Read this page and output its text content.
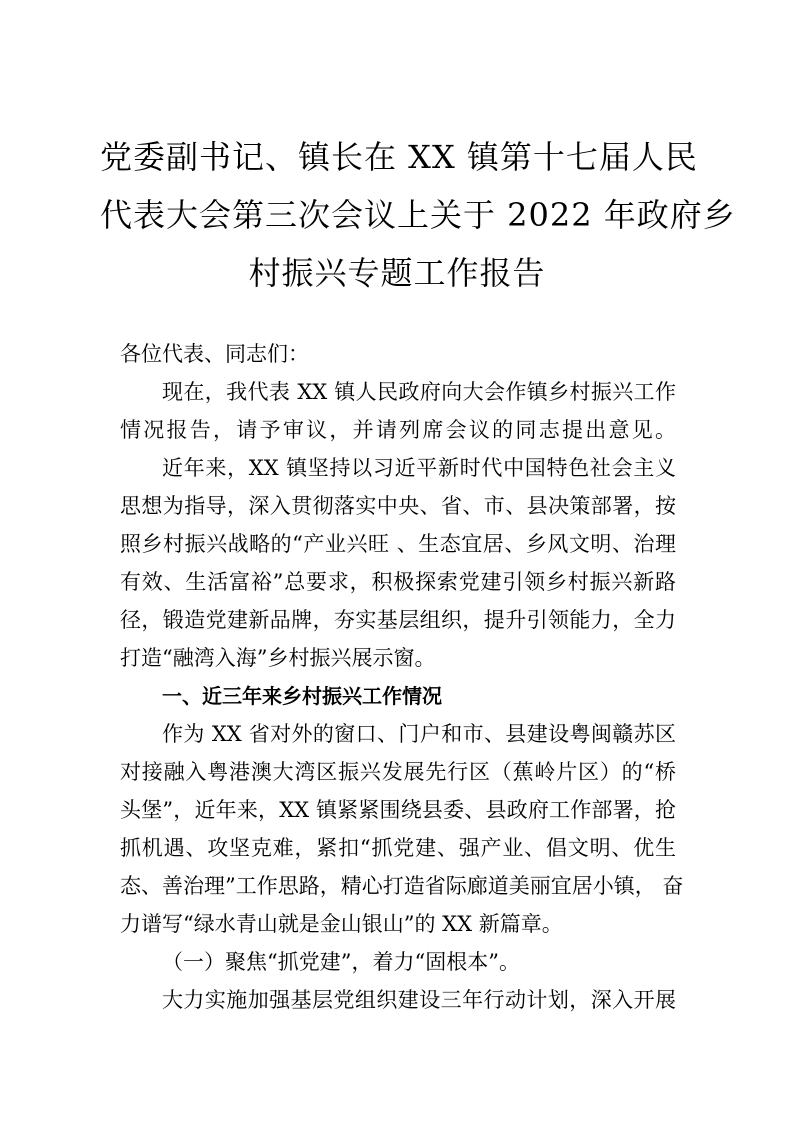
党委副书记、镇长在 XX 镇第十七届人民
代表大会第三次会议上关于 2022 年政府乡
村振兴专题工作报告
各位代表、同志们：
现在，我代表 XX 镇人民政府向大会作镇乡村振兴工作
情况报告，请予审议，并请列席会议的同志提出意见。
近年来，XX 镇坚持以习近平新时代中国特色社会主义
思想为指导，深入贯彻落实中央、省、市、县决策部署，按
照乡村振兴战略的“产业兴旺 、生态宜居、乡风文明、治理
有效、生活富裕”总要求，积极探索党建引领乡村振兴新路
径，锻造党建新品牌，夯实基层组织，提升引领能力，全力
打造“融湾入海”乡村振兴展示窗。
一、近三年来乡村振兴工作情况
作为 XX 省对外的窗口、门户和市、县建设粤闽赣苏区
对接融入粤港澳大湾区振兴发展先行区（蕉岭片区）的“桥
头堡”，近年来，XX 镇紧紧围绕县委、县政府工作部署，抢
抓机遇、攻坚克难，紧扣“抓党建、强产业、倡文明、优生
态、善治理”工作思路，精心打造省际廊道美丽宜居小镇， 奋
力谱写“绿水青山就是金山银山”的 XX 新篇章。
（一）聚焦“抓党建”，着力“固根本”。
大力实施加强基层党组织建设三年行动计划，深入开展
